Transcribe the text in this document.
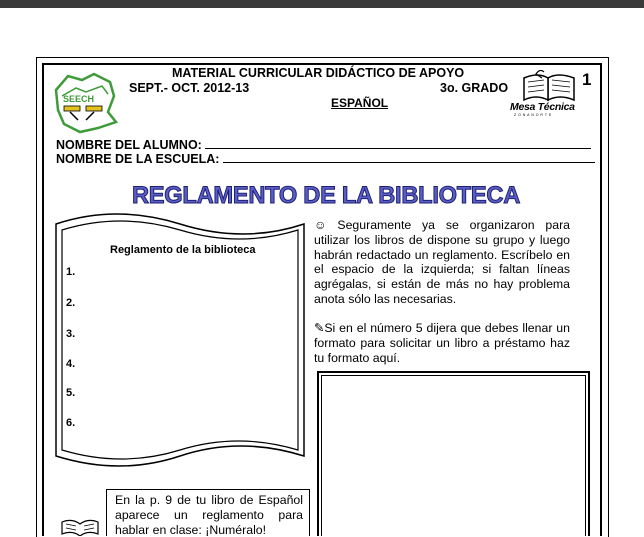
SEECH
MATERIAL CURRICULAR DIDÁCTICO DE APOYO
SEPT.- OCT. 2012-13	3o. GRADO
ESPAÑOL
1
Mesa Técnica
Z O N A N O R T E
NOMBRE DEL ALUMNO:
NOMBRE DE LA ESCUELA:
REGLAMENTO DE LA BIBLIOTECA
Reglamento de la biblioteca
1.
2.
3.
4.
5.
6.
☺ Seguramente ya se organizaron para utilizar los libros de dispone su grupo y luego habrán redactado un reglamento. Escríbelo en el espacio de la izquierda; si faltan líneas agrégalas, si están de más no hay problema anota sólo las necesarias.
✎Si en el número 5 dijera que debes llenar un formato para solicitar un libro a préstamo haz tu formato aquí.
En la p. 9 de tu libro de Español aparece un reglamento para hablar en clase: ¡Numéralo!
